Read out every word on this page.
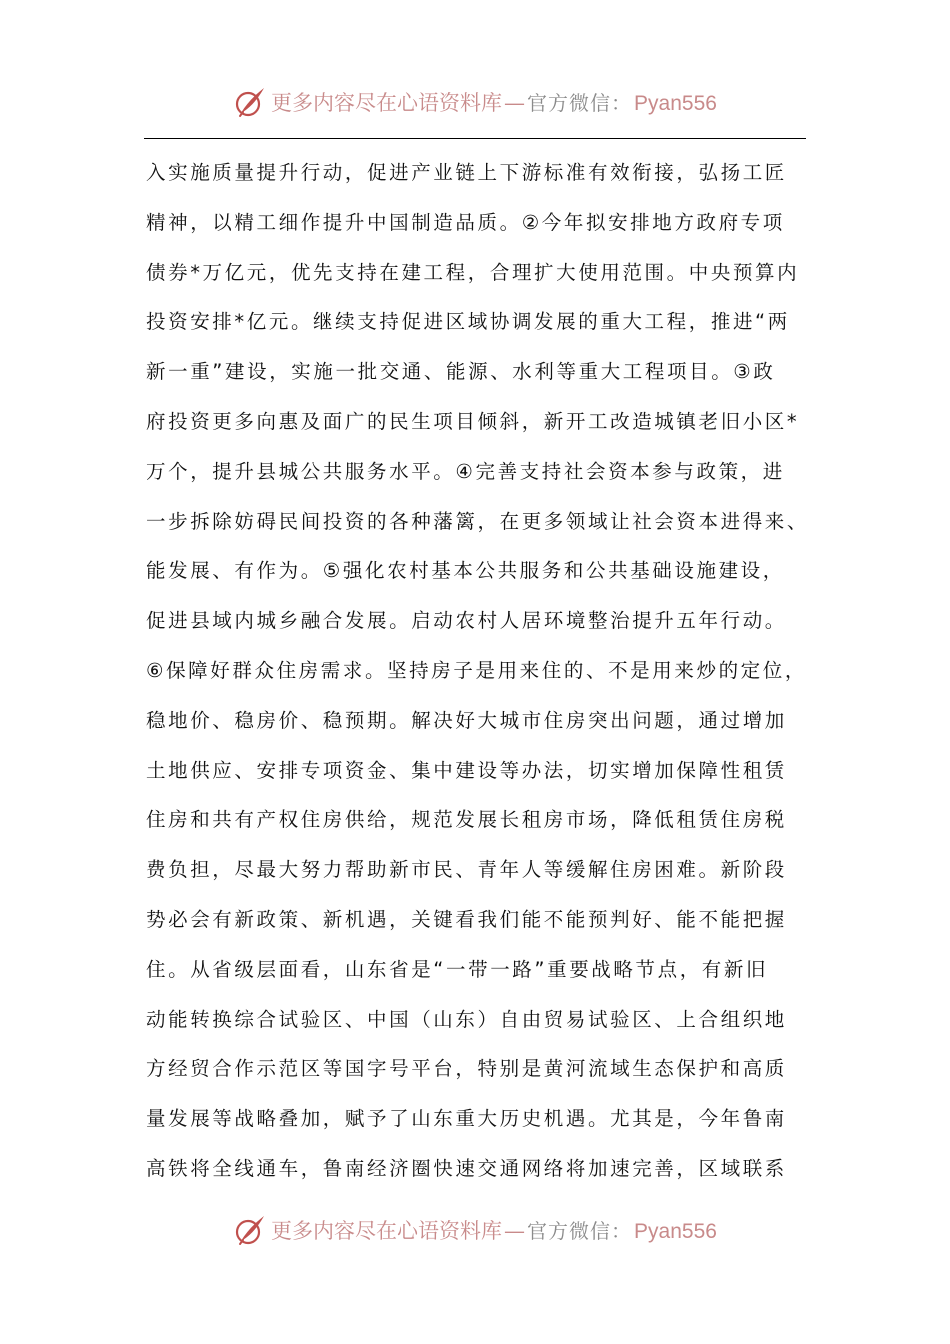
更多内容尽在心语资料库 — 官方微信： Pyan556
入实施质量提升行动，促进产业链上下游标准有效衔接，弘扬工匠
精神，以精工细作提升中国制造品质。②今年拟安排地方政府专项
债券*万亿元，优先支持在建工程，合理扩大使用范围。中央预算内
投资安排*亿元。继续支持促进区域协调发展的重大工程，推进“两
新一重”建设，实施一批交通、能源、水利等重大工程项目。③政
府投资更多向惠及面广的民生项目倾斜，新开工改造城镇老旧小区*
万个，提升县城公共服务水平。④完善支持社会资本参与政策，进
一步拆除妨碍民间投资的各种藩篱，在更多领域让社会资本进得来、
能发展、有作为。⑤强化农村基本公共服务和公共基础设施建设，
促进县域内城乡融合发展。启动农村人居环境整治提升五年行动。
⑥保障好群众住房需求。坚持房子是用来住的、不是用来炒的定位，
稳地价、稳房价、稳预期。解决好大城市住房突出问题，通过增加
土地供应、安排专项资金、集中建设等办法，切实增加保障性租赁
住房和共有产权住房供给，规范发展长租房市场，降低租赁住房税
费负担，尽最大努力帮助新市民、青年人等缓解住房困难。新阶段
势必会有新政策、新机遇，关键看我们能不能预判好、能不能把握
住。从省级层面看，山东省是“一带一路”重要战略节点，有新旧
动能转换综合试验区、中国（山东）自由贸易试验区、上合组织地
方经贸合作示范区等国字号平台，特别是黄河流域生态保护和高质
量发展等战略叠加，赋予了山东重大历史机遇。尤其是，今年鲁南
高铁将全线通车，鲁南经济圈快速交通网络将加速完善，区域联系
更多内容尽在心语资料库 — 官方微信： Pyan556
